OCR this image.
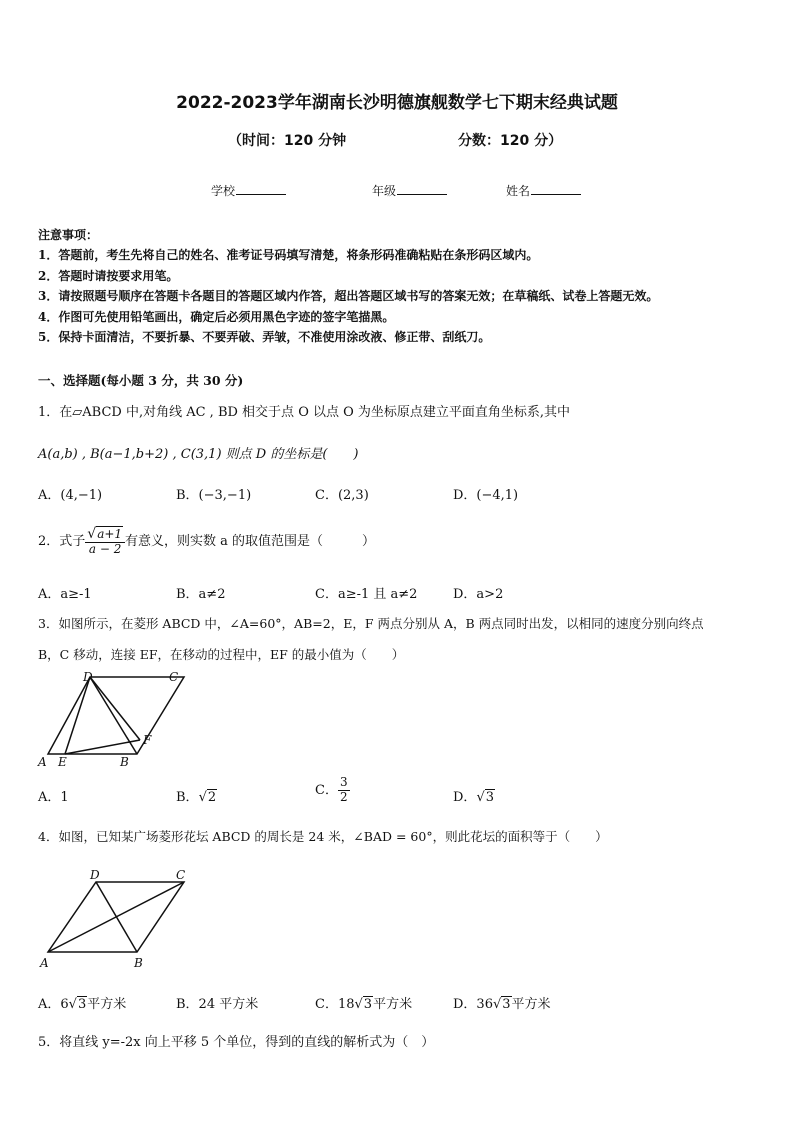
2022-2023学年湖南长沙明德旗舰数学七下期末经典试题
（时间：120 分钟	分数：120 分）
学校	年级	姓名
注意事项：
1．答题前，考生先将自己的姓名、准考证号码填写清楚，将条形码准确粘贴在条形码区域内。
2．答题时请按要求用笔。
3．请按照题号顺序在答题卡各题目的答题区域内作答，超出答题区域书写的答案无效；在草稿纸、试卷上答题无效。
4．作图可先使用铅笔画出，确定后必须用黑色字迹的签字笔描黑。
5．保持卡面清洁，不要折暴、不要弄破、弄皱，不准使用涂改液、修正带、刮纸刀。
一、选择题(每小题 3 分，共 30 分)
1．在▱ABCD 中,对角线 AC , BD 相交于点 O 以点 O 为坐标原点建立平面直角坐标系,其中
A(a,b) , B(a−1,b+2) , C(3,1) 则点 D 的坐标是(　　)
A．(4,−1)	B．(−3,−1)	C．(2,3)	D．(−4,1)
2．式子 $\frac{√a+1}{a - 2}$ 有意义，则实数 a 的取值范围是（　　　）
A．a≥-1	B．a≠2	C．a≥-1 且 a≠2	D．a>2
3．如图所示，在菱形 ABCD 中，∠A=60°，AB=2，E，F 两点分别从 A，B 两点同时出发，以相同的速度分别向终点
B，C 移动，连接 EF，在移动的过程中，EF 的最小值为（　　）
D	C
F
A E	B
A．1	B．√2	C． $\frac{3}{2}$	D．√3
4．如图，已知某广场菱形花坛 ABCD 的周长是 24 米，∠BAD = 60°，则此花坛的面积等于（　　）
D	C
A	B
A．6√3平方米	B．24 平方米	C．18√3平方米	D．36√3平方米
5．将直线 y=-2x 向上平移 5 个单位，得到的直线的解析式为（　）
